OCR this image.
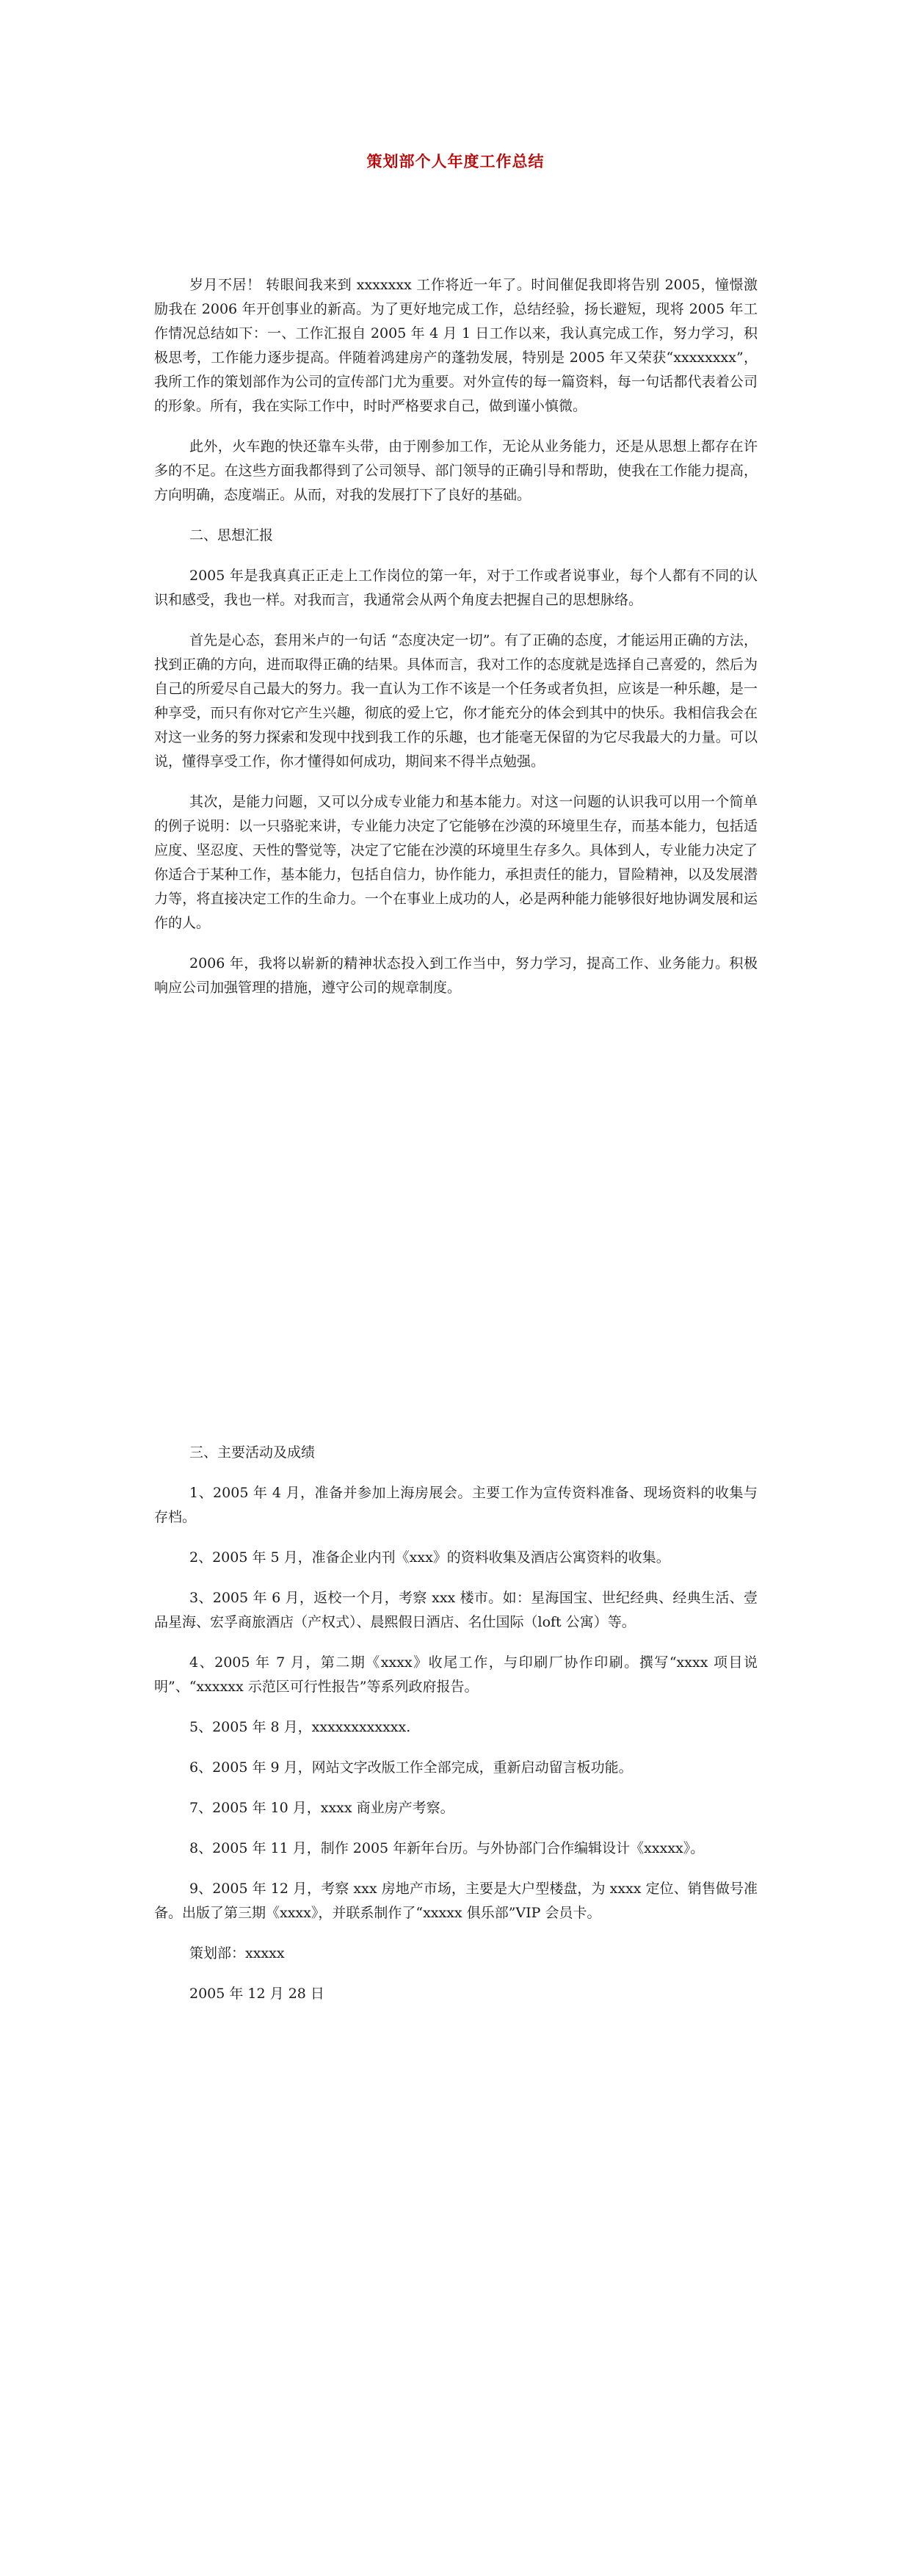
策划部个人年度工作总结

岁月不居！ 转眼间我来到 xxxxxxx 工作将近一年了。时间催促我即将告别 2005，憧憬激励我在 2006 年开创事业的新高。为了更好地完成工作，总结经验，扬长避短，现将 2005 年工作情况总结如下：一、工作汇报自 2005 年 4 月 1 日工作以来，我认真完成工作，努力学习，积极思考，工作能力逐步提高。伴随着鸿建房产的蓬勃发展，特别是 2005 年又荣获“xxxxxxxx”，我所工作的策划部作为公司的宣传部门尤为重要。对外宣传的每一篇资料，每一句话都代表着公司的形象。所有，我在实际工作中，时时严格要求自己，做到谨小慎微。

此外，火车跑的快还靠车头带，由于刚参加工作，无论从业务能力，还是从思想上都存在许多的不足。在这些方面我都得到了公司领导、部门领导的正确引导和帮助，使我在工作能力提高，方向明确，态度端正。从而，对我的发展打下了良好的基础。

二、思想汇报

2005 年是我真真正正走上工作岗位的第一年，对于工作或者说事业，每个人都有不同的认识和感受，我也一样。对我而言，我通常会从两个角度去把握自己的思想脉络。

首先是心态，套用米卢的一句话 “态度决定一切”。有了正确的态度，才能运用正确的方法，找到正确的方向，进而取得正确的结果。具体而言，我对工作的态度就是选择自己喜爱的，然后为自己的所爱尽自己最大的努力。我一直认为工作不该是一个任务或者负担，应该是一种乐趣，是一种享受，而只有你对它产生兴趣，彻底的爱上它，你才能充分的体会到其中的快乐。我相信我会在对这一业务的努力探索和发现中找到我工作的乐趣，也才能毫无保留的为它尽我最大的力量。可以说，懂得享受工作，你才懂得如何成功，期间来不得半点勉强。

其次，是能力问题，又可以分成专业能力和基本能力。对这一问题的认识我可以用一个简单的例子说明：以一只骆驼来讲，专业能力决定了它能够在沙漠的环境里生存，而基本能力，包括适应度、坚忍度、天性的警觉等，决定了它能在沙漠的环境里生存多久。具体到人，专业能力决定了你适合于某种工作，基本能力，包括自信力，协作能力，承担责任的能力，冒险精神，以及发展潜力等，将直接决定工作的生命力。一个在事业上成功的人，必是两种能力能够很好地协调发展和运作的人。

2006 年，我将以崭新的精神状态投入到工作当中，努力学习，提高工作、业务能力。积极响应公司加强管理的措施，遵守公司的规章制度。

三、主要活动及成绩

1、2005 年 4 月，准备并参加上海房展会。主要工作为宣传资料准备、现场资料的收集与存档。

2、2005 年 5 月，准备企业内刊《xxx》的资料收集及酒店公寓资料的收集。

3、2005 年 6 月，返校一个月，考察 xxx 楼市。如：星海国宝、世纪经典、经典生活、壹品星海、宏孚商旅酒店（产权式）、晨熙假日酒店、名仕国际（loft 公寓）等。

4、2005 年 7 月，第二期《xxxx》收尾工作，与印刷厂协作印刷。撰写“xxxx 项目说明”、“xxxxxx 示范区可行性报告”等系列政府报告。

5、2005 年 8 月，xxxxxxxxxxxx.

6、2005 年 9 月，网站文字改版工作全部完成，重新启动留言板功能。

7、2005 年 10 月，xxxx 商业房产考察。

8、2005 年 11 月，制作 2005 年新年台历。与外协部门合作编辑设计《xxxxx》。

9、2005 年 12 月，考察 xxx 房地产市场，主要是大户型楼盘，为 xxxx 定位、销售做号准备。出版了第三期《xxxx》，并联系制作了“xxxxx 俱乐部”VIP 会员卡。

策划部：xxxxx

2005 年 12 月 28 日
